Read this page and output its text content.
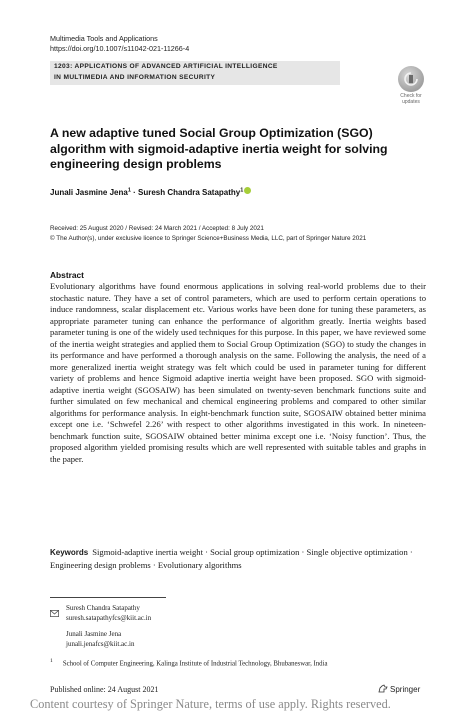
Multimedia Tools and Applications
https://doi.org/10.1007/s11042-021-11266-4
1203: APPLICATIONS OF ADVANCED ARTIFICIAL INTELLIGENCE
IN MULTIMEDIA AND INFORMATION SECURITY
Check for
updates
A new adaptive tuned Social Group Optimization (SGO) algorithm with sigmoid-adaptive inertia weight for solving engineering design problems
Junali Jasmine Jena$^1$ · Suresh Chandra Satapathy$^1$
Received: 25 August 2020 / Revised: 24 March 2021 / Accepted: 8 July 2021
© The Author(s), under exclusive licence to Springer Science+Business Media, LLC, part of Springer Nature 2021
Abstract
Evolutionary algorithms have found enormous applications in solving real-world problems due to their stochastic nature. They have a set of control parameters, which are used to perform certain operations to induce randomness, scalar displacement etc. Various works have been done for tuning these parameters, as appropriate parameter tuning can enhance the performance of algorithm greatly. Inertia weights based parameter tuning is one of the widely used techniques for this purpose. In this paper, we have reviewed some of the inertia weight strategies and applied them to Social Group Optimization (SGO) to study the changes in its performance and have performed a thorough analysis on the same. Following the analysis, the need of a more generalized inertia weight strategy was felt which could be used in parameter tuning for different variety of problems and hence Sigmoid adaptive inertia weight have been proposed. SGO with sigmoid-adaptive inertia weight (SGOSAIW) has been simulated on twenty-seven benchmark functions suite and further simulated on few mechanical and chemical engineering problems and compared to other similar algorithms for performance analysis. In eight-benchmark function suite, SGOSAIW obtained better minima except one i.e. ‘Schwefel 2.26’ with respect to other algorithms investigated in this work. In nineteen-benchmark function suite, SGOSAIW obtained better minima except one i.e. ‘Noisy function’. Thus, the proposed algorithm yielded promising results which are well represented with suitable tables and graphs in the paper.
Keywords Sigmoid-adaptive inertia weight · Social group optimization · Single objective optimization · Engineering design problems · Evolutionary algorithms
Suresh Chandra Satapathy
suresh.satapathyfcs@kiit.ac.in
Junali Jasmine Jena
junali.jenafcs@kiit.ac.in
$^1$ School of Computer Engineering, Kalinga Institute of Industrial Technology, Bhubaneswar, India
Published online: 24 August 2021	Springer
Content courtesy of Springer Nature, terms of use apply. Rights reserved.
